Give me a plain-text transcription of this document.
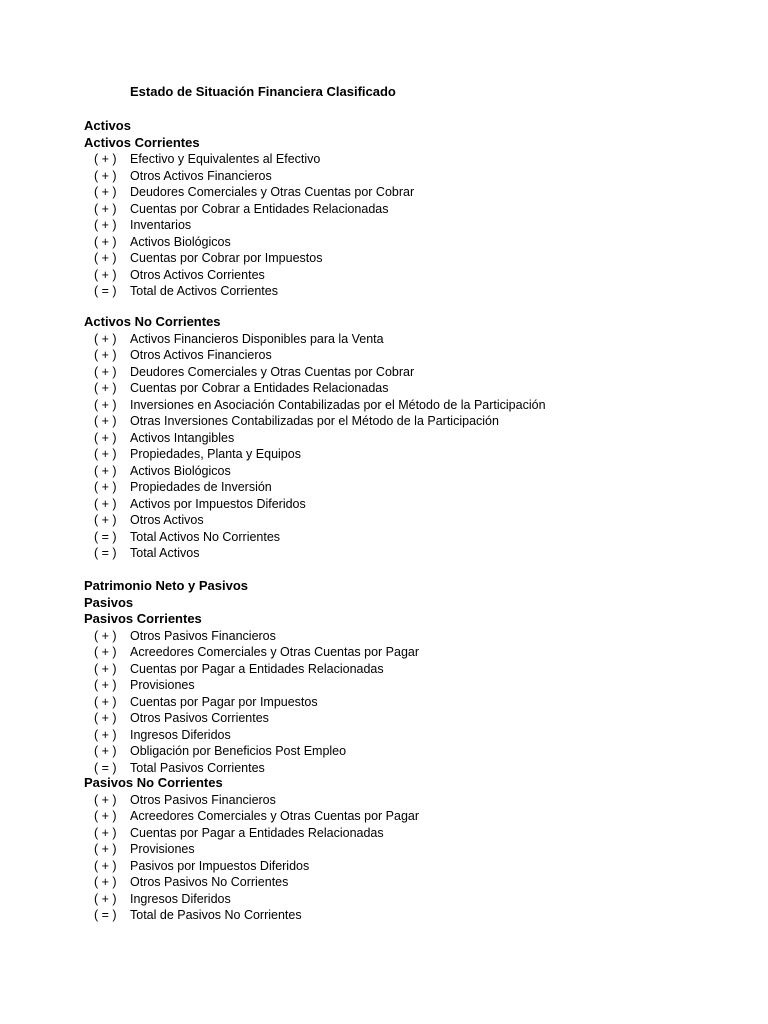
Estado de Situación Financiera Clasificado
Activos
Activos Corrientes
( + )	Efectivo y Equivalentes al Efectivo
( + )	Otros Activos Financieros
( + )	Deudores Comerciales y Otras Cuentas por Cobrar
( + )	Cuentas por Cobrar a Entidades Relacionadas
( + )	Inventarios
( + )	Activos Biológicos
( + )	Cuentas por Cobrar por Impuestos
( + )	Otros Activos Corrientes
( = )	Total de Activos Corrientes
Activos No Corrientes
( + )	Activos Financieros Disponibles para la Venta
( + )	Otros Activos Financieros
( + )	Deudores Comerciales y Otras Cuentas por Cobrar
( + )	Cuentas por Cobrar a Entidades Relacionadas
( + )	Inversiones en Asociación Contabilizadas por el Método de la Participación
( + )	Otras Inversiones Contabilizadas por el Método de la Participación
( + )	Activos Intangibles
( + )	Propiedades, Planta y Equipos
( + )	Activos Biológicos
( + )	Propiedades de Inversión
( + )	Activos por Impuestos Diferidos
( + )	Otros Activos
( = )	Total Activos No Corrientes
( = )	Total Activos
Patrimonio Neto y Pasivos
Pasivos
Pasivos Corrientes
( + )	Otros Pasivos Financieros
( + )	Acreedores Comerciales y Otras Cuentas por Pagar
( + )	Cuentas por Pagar a Entidades Relacionadas
( + )	Provisiones
( + )	Cuentas por Pagar por Impuestos
( + )	Otros Pasivos Corrientes
( + )	Ingresos Diferidos
( + )	Obligación por Beneficios Post Empleo
( = )	Total Pasivos Corrientes
Pasivos No Corrientes
( + )	Otros Pasivos Financieros
( + )	Acreedores Comerciales y Otras Cuentas por Pagar
( + )	Cuentas por Pagar a Entidades Relacionadas
( + )	Provisiones
( + )	Pasivos por Impuestos Diferidos
( + )	Otros Pasivos No Corrientes
( + )	Ingresos Diferidos
( = )	Total de Pasivos No Corrientes
